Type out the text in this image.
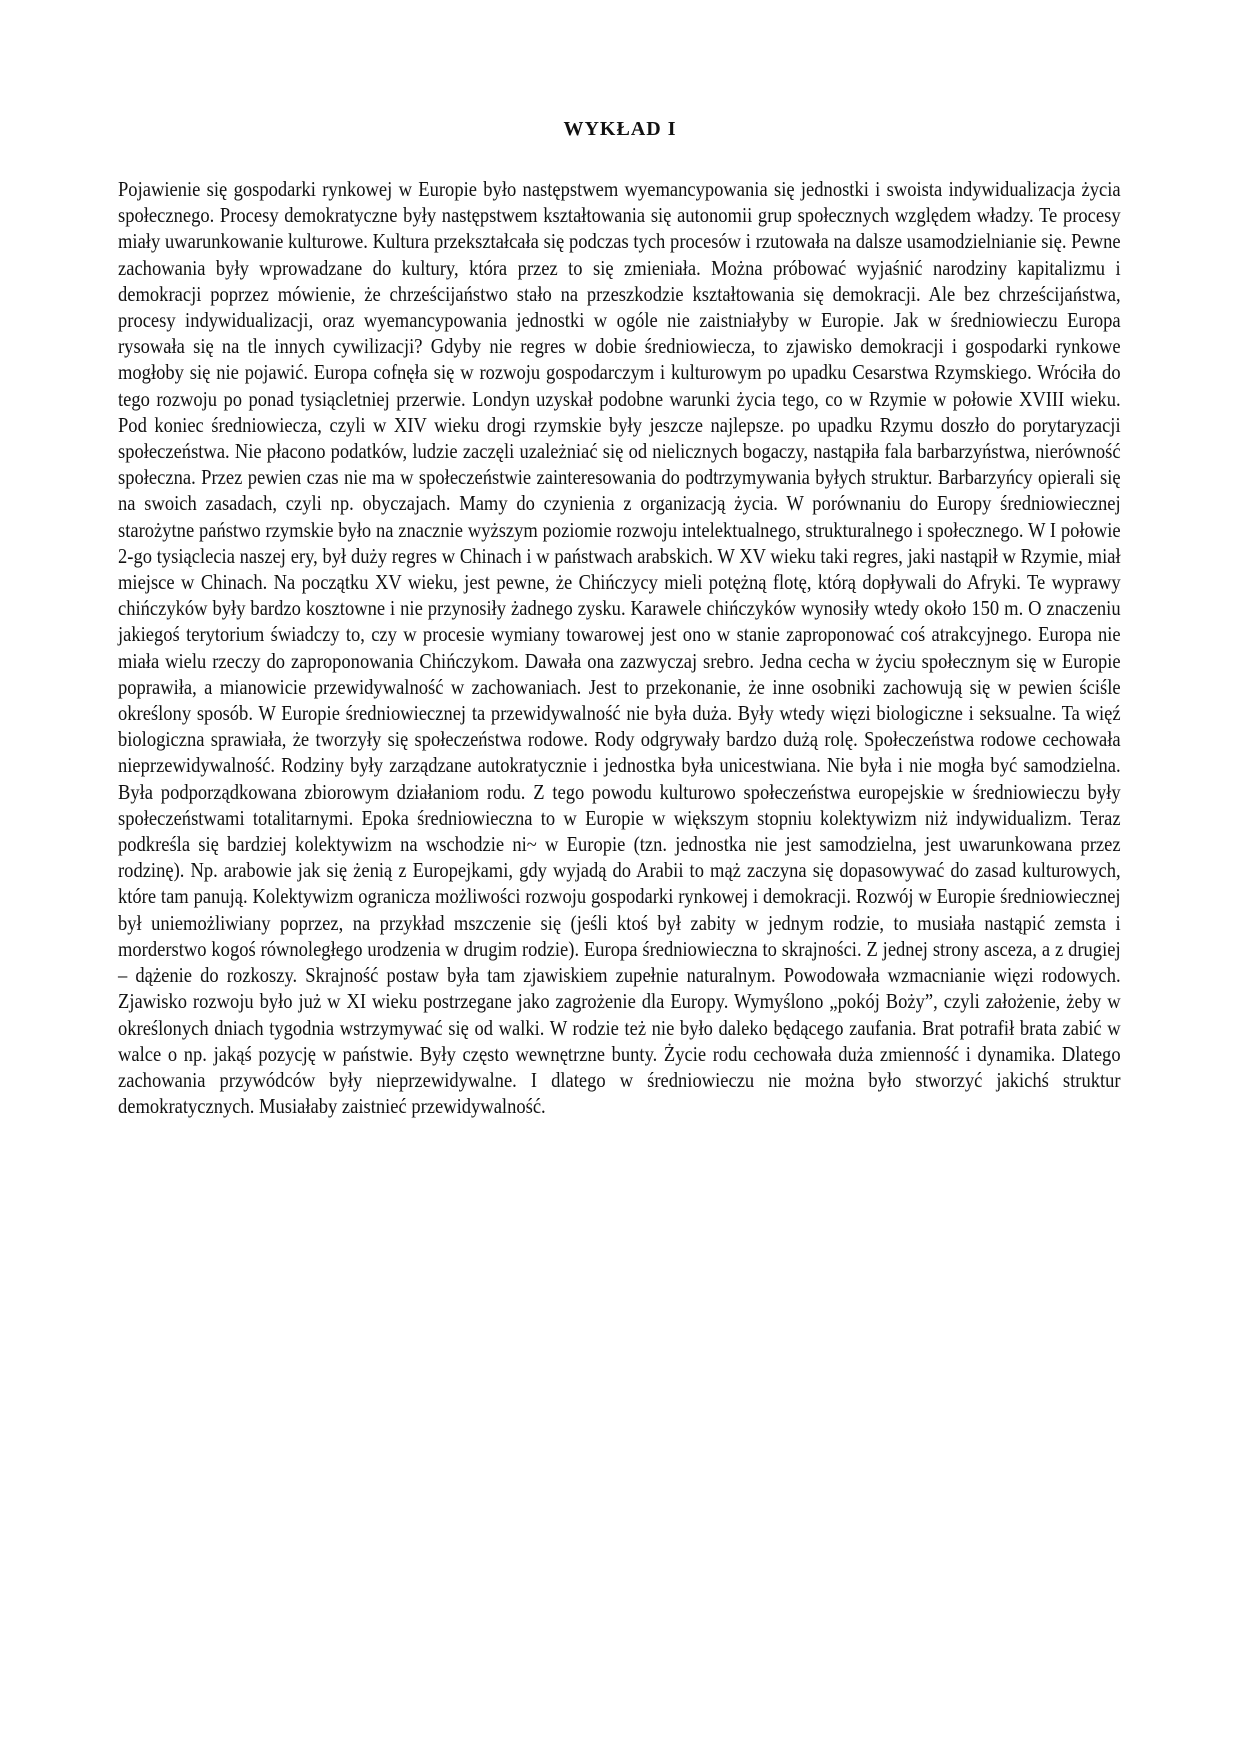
WYKŁAD I

Pojawienie się gospodarki rynkowej w Europie było następstwem wyemancypowania się jednostki i swoista indywidualizacja życia społecznego. Procesy demokratyczne były następstwem kształtowania się autonomii grup społecznych względem władzy. Te procesy miały uwarunkowanie kulturowe. Kultura przekształcała się podczas tych procesów i rzutowała na dalsze usamodzielnianie się. Pewne zachowania były wprowadzane do kultury, która przez to się zmieniała. Można próbować wyjaśnić narodziny kapitalizmu i demokracji poprzez mówienie, że chrześcijaństwo stało na przeszkodzie kształtowania się demokracji. Ale bez chrześcijaństwa, procesy indywidualizacji, oraz wyemancypowania jednostki w ogóle nie zaistniałyby w Europie. Jak w średniowieczu Europa rysowała się na tle innych cywilizacji? Gdyby nie regres w dobie średniowiecza, to zjawisko demokracji i gospodarki rynkowe mogłoby się nie pojawić. Europa cofnęła się w rozwoju gospodarczym i kulturowym po upadku Cesarstwa Rzymskiego. Wróciła do tego rozwoju po ponad tysiącletniej przerwie. Londyn uzyskał podobne warunki życia tego, co w Rzymie w połowie XVIII wieku. Pod koniec średniowiecza, czyli w XIV wieku drogi rzymskie były jeszcze najlepsze. po upadku Rzymu doszło do porytaryzacji społeczeństwa. Nie płacono podatków, ludzie zaczęli uzależniać się od nielicznych bogaczy, nastąpiła fala barbarzyństwa, nierówność społeczna. Przez pewien czas nie ma w społeczeństwie zainteresowania do podtrzymywania byłych struktur. Barbarzyńcy opierali się na swoich zasadach, czyli np. obyczajach. Mamy do czynienia z organizacją życia. W porównaniu do Europy średniowiecznej starożytne państwo rzymskie było na znacznie wyższym poziomie rozwoju intelektualnego, strukturalnego i społecznego. W I połowie 2-go tysiąclecia naszej ery, był duży regres w Chinach i w państwach arabskich. W XV wieku taki regres, jaki nastąpił w Rzymie, miał miejsce w Chinach. Na początku XV wieku, jest pewne, że Chińczycy mieli potężną flotę, którą dopływali do Afryki. Te wyprawy chińczyków były bardzo kosztowne i nie przynosiły żadnego zysku. Karawele chińczyków wynosiły wtedy około 150 m. O znaczeniu jakiegoś terytorium świadczy to, czy w procesie wymiany towarowej jest ono w stanie zaproponować coś atrakcyjnego. Europa nie miała wielu rzeczy do zaproponowania Chińczykom. Dawała ona zazwyczaj srebro. Jedna cecha w życiu społecznym się w Europie poprawiła, a mianowicie przewidywalność w zachowaniach. Jest to przekonanie, że inne osobniki zachowują się w pewien ściśle określony sposób. W Europie średniowiecznej ta przewidywalność nie była duża. Były wtedy więzi biologiczne i seksualne. Ta więź biologiczna sprawiała, że tworzyły się społeczeństwa rodowe. Rody odgrywały bardzo dużą rolę. Społeczeństwa rodowe cechowała nieprzewidywalność. Rodziny były zarządzane autokratycznie i jednostka była unicestwiana. Nie była i nie mogła być samodzielna. Była podporządkowana zbiorowym działaniom rodu. Z tego powodu kulturowo społeczeństwa europejskie w średniowieczu były społeczeństwami totalitarnymi. Epoka średniowieczna to w Europie w większym stopniu kolektywizm niż indywidualizm. Teraz podkreśla się bardziej kolektywizm na wschodzie ni~ w Europie (tzn. jednostka nie jest samodzielna, jest uwarunkowana przez rodzinę). Np. arabowie jak się żenią z Europejkami, gdy wyjadą do Arabii to mąż zaczyna się dopasowywać do zasad kulturowych, które tam panują. Kolektywizm ogranicza możliwości rozwoju gospodarki rynkowej i demokracji. Rozwój w Europie średniowiecznej był uniemożliwiany poprzez, na przykład mszczenie się (jeśli ktoś był zabity w jednym rodzie, to musiała nastąpić zemsta i morderstwo kogoś równoległego urodzenia w drugim rodzie). Europa średniowieczna to skrajności. Z jednej strony asceza, a z drugiej – dążenie do rozkoszy. Skrajność postaw była tam zjawiskiem zupełnie naturalnym. Powodowała wzmacnianie więzi rodowych. Zjawisko rozwoju było już w XI wieku postrzegane jako zagrożenie dla Europy. Wymyślono „pokój Boży”, czyli założenie, żeby w określonych dniach tygodnia wstrzymywać się od walki. W rodzie też nie było daleko będącego zaufania. Brat potrafił brata zabić w walce o np. jakąś pozycję w państwie. Były często wewnętrzne bunty. Życie rodu cechowała duża zmienność i dynamika. Dlatego zachowania przywódców były nieprzewidywalne. I dlatego w średniowieczu nie można było stworzyć jakichś struktur demokratycznych. Musiałaby zaistnieć przewidywalność.
